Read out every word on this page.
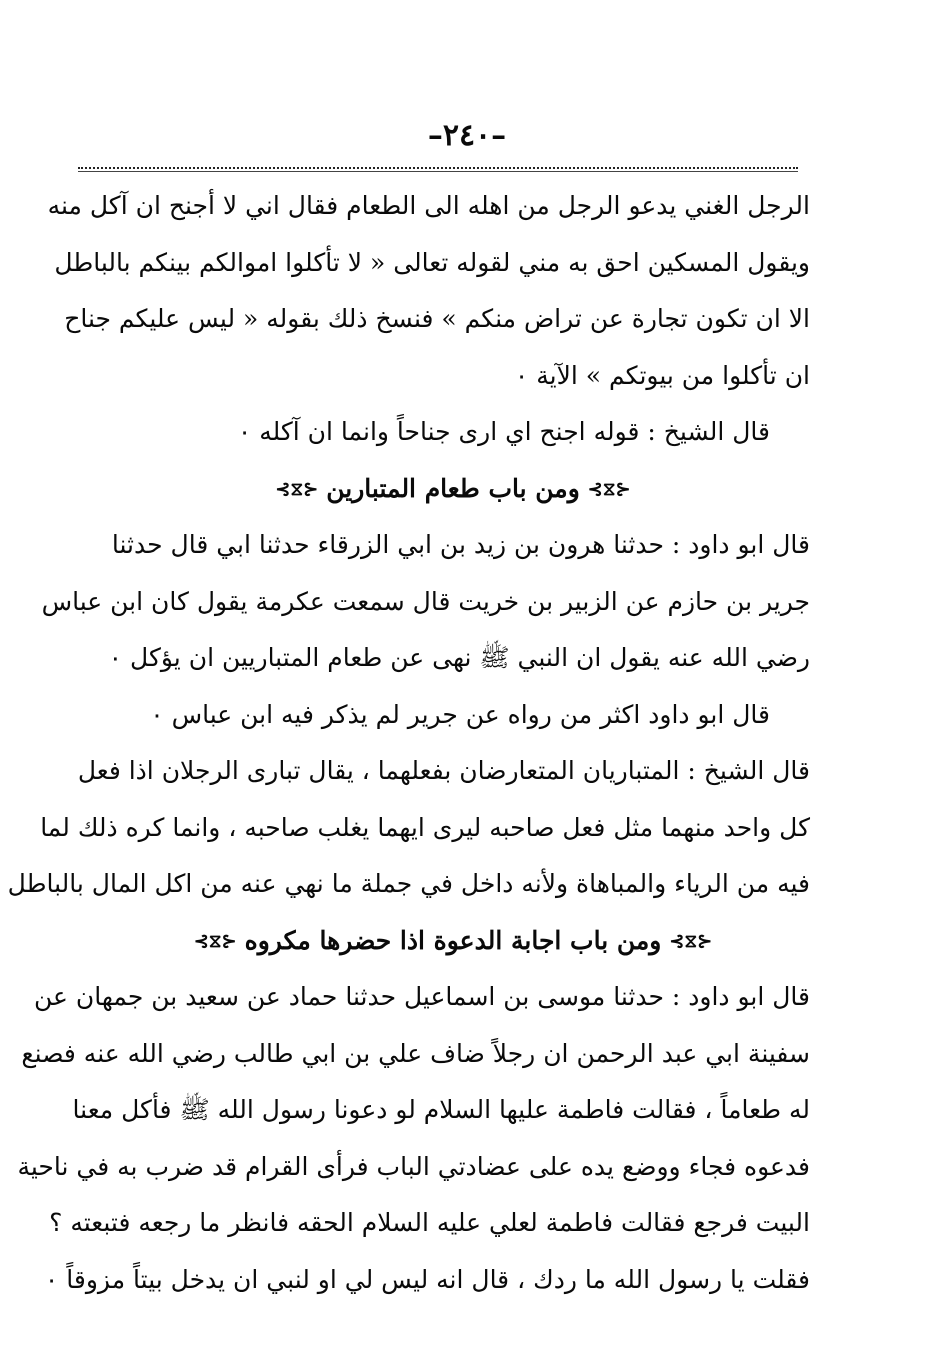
–٢٤٠–
الرجل الغني يدعو الرجل من اهله الى الطعام فقال اني لا أجنح ان آكل منه
ويقول المسكين احق به مني لقوله تعالى « لا تأكلوا اموالكم بينكم بالباطل
الا ان تكون تجارة عن تراض منكم » فنسخ ذلك بقوله « ليس عليكم جناح
ان تأكلوا من بيوتكم » الآية ٠
قال الشيخ : قوله اجنح اي ارى جناحاً وانما ان آكله ٠
⊰⧖⊱ومن باب طعام المتبارين⊰⧖⊱
قال ابو داود : حدثنا هرون بن زيد بن ابي الزرقاء حدثنا ابي قال حدثنا
جرير بن حازم عن الزبير بن خريت قال سمعت عكرمة يقول كان ابن عباس
رضي الله عنه يقول ان النبي ﷺ نهى عن طعام المتباريين ان يؤكل ٠
قال ابو داود اكثر من رواه عن جرير لم يذكر فيه ابن عباس ٠
قال الشيخ : المتباريان المتعارضان بفعلهما ، يقال تبارى الرجلان اذا فعل
كل واحد منهما مثل فعل صاحبه ليرى ايهما يغلب صاحبه ، وانما كره ذلك لما
فيه من الرياء والمباهاة ولأنه داخل في جملة ما نهي عنه من اكل المال بالباطل
⊰⧖⊱ومن باب اجابة الدعوة اذا حضرها مكروه⊰⧖⊱
قال ابو داود : حدثنا موسى بن اسماعيل حدثنا حماد عن سعيد بن جمهان عن
سفينة ابي عبد الرحمن ان رجلاً ضاف علي بن ابي طالب رضي الله عنه فصنع
له طعاماً ، فقالت فاطمة عليها السلام لو دعونا رسول الله ﷺ فأكل معنا
فدعوه فجاء ووضع يده على عضادتي الباب فرأى القرام قد ضرب به في ناحية
البيت فرجع فقالت فاطمة لعلي عليه السلام الحقه فانظر ما رجعه فتبعته ؟
فقلت يا رسول الله ما ردك ، قال انه ليس لي او لنبي ان يدخل بيتاً مزوقاً ٠
